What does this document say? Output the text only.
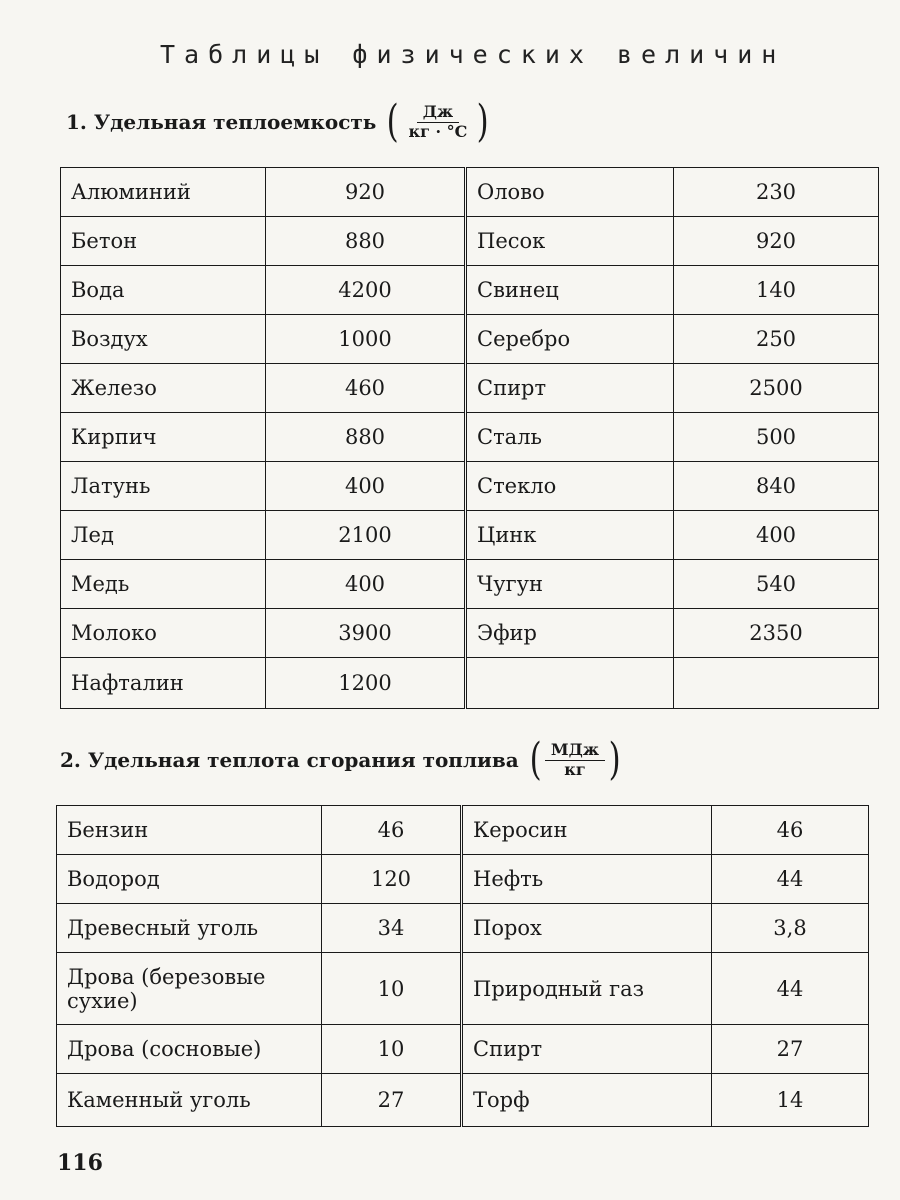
Таблицы физических величин
1. Удельная теплоемкость ( $\frac{Дж}{кг \cdot ^\circ С}$ )
Алюминий	920	Олово	230
Бетон	880	Песок	920
Вода	4200	Свинец	140
Воздух	1000	Серебро	250
Железо	460	Спирт	2500
Кирпич	880	Сталь	500
Латунь	400	Стекло	840
Лед	2100	Цинк	400
Медь	400	Чугун	540
Молоко	3900	Эфир	2350
Нафталин	1200		
2. Удельная теплота сгорания топлива ( $\frac{\text{МДж}}{кг}$ )
Бензин	46	Керосин	46
Водород	120	Нефть	44
Древесный уголь	34	Порох	3,8
Дрова (березовые сухие)	10	Природный газ	44
Дрова (сосновые)	10	Спирт	27
Каменный уголь	27	Торф	14
116
